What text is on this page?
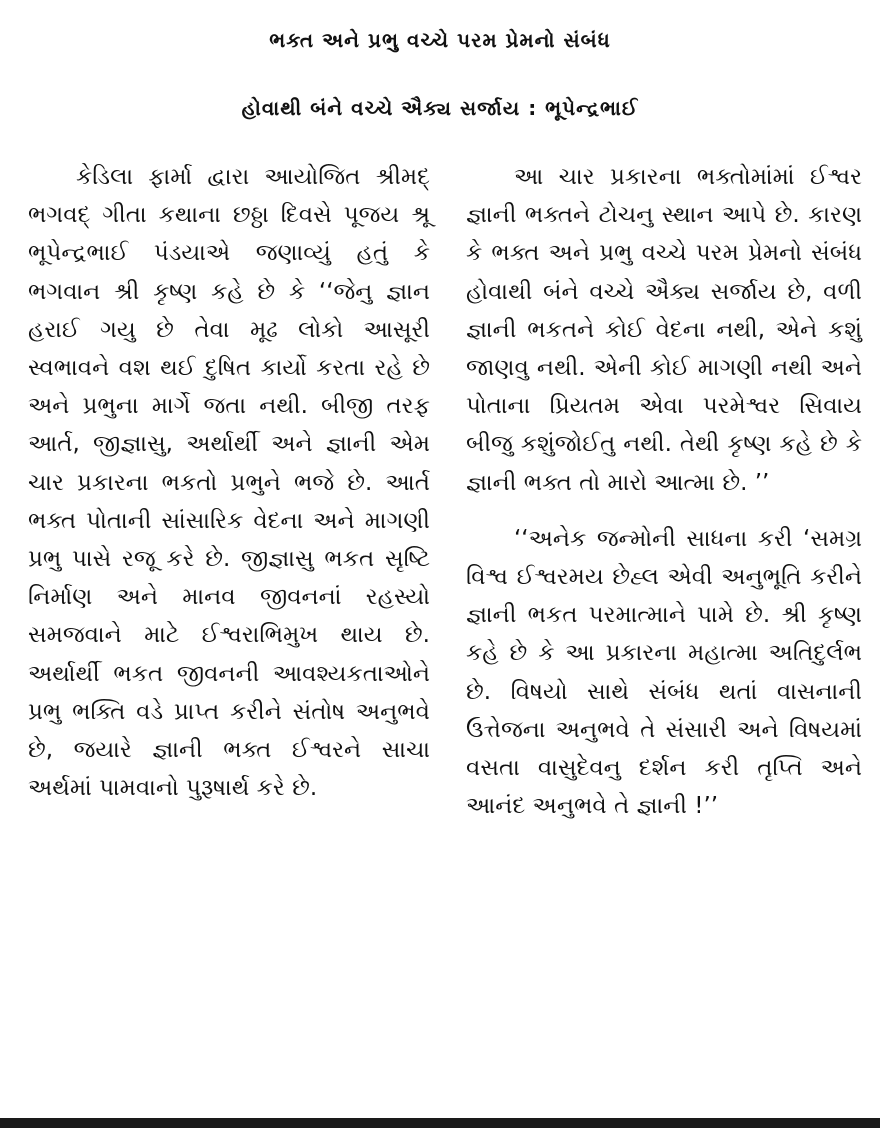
ભક્ત અને પ્રભુ વચ્ચે પરમ પ્રેમનો સંબંધ
હોવાથી બંને વચ્ચે ઐક્ય સર્જાય : ભૂપેન્દ્રભાઈ

કેડિલા ફાર્મા દ્વારા આયોજિત શ્રીમદ્ ભગવદ્ ગીતા કથાના છઠ્ઠા દિવસે પૂજય શ્રૂ ભૂપેન્દ્રભાઈ પંડયાએ જણાવ્યું હતું કે ભગવાન શ્રી કૃષ્ણ કહે છે કે ‘‘જેનુ જ્ઞાન હરાઈ ગયુ છે તેવા મૂઢ લોકો આસૂરી સ્વભાવને વશ થઈ દુષિત કાર્યો કરતા રહે છે અને પ્રભુના માર્ગે જતા નથી. બીજી તરફ આર્ત, જીજ્ઞાસુ, અર્થાર્થી અને જ્ઞાની એમ ચાર પ્રકારના ભકતો પ્રભુને ભજે છે. આર્ત ભક્ત પોતાની સાંસારિક વેદના અને માગણી પ્રભુ પાસે રજૂ કરે છે. જીજ્ઞાસુ ભકત સૃષ્ટિ નિર્માણ અને માનવ જીવનનાં રહસ્યો સમજવાને માટે ઈશ્વરાભિમુખ થાય છે. અર્થાર્થી ભકત જીવનની આવશ્યકતાઓને પ્રભુ ભક્તિ વડે પ્રાપ્ત કરીને સંતોષ અનુભવે છે, જયારે જ્ઞાની ભક્ત ઈશ્વરને સાચા અર્થમાં પામવાનો પુરૂષાર્થ કરે છે.

આ ચાર પ્રકારના ભક્તોમાંમાં ઈશ્વર જ્ઞાની ભક્તને ટોચનુ સ્થાન આપે છે. કારણ કે ભક્ત અને પ્રભુ વચ્ચે પરમ પ્રેમનો સંબંધ હોવાથી બંને વચ્ચે ઐક્ય સર્જાય છે, વળી જ્ઞાની ભકતને કોઈ વેદના નથી, એને કશું જાણવુ નથી. એની કોઈ માગણી નથી અને પોતાના પ્રિયતમ એવા પરમેશ્વર સિવાય બીજુ કશુંજોઈતુ નથી. તેથી કૃષ્ણ કહે છે કે જ્ઞાની ભક્ત તો મારો આત્મા છે. ’’

‘‘અનેક જન્મોની સાધના કરી ‘સમગ્ર વિશ્વ ઈશ્વરમય છેહ્લ એવી અનુભૂતિ કરીને જ્ઞાની ભકત પરમાત્માને પામે છે. શ્રી કૃષ્ણ કહે છે કે આ પ્રકારના મહાત્મા અતિદુર્લભ છે. વિષયો સાથે સંબંધ થતાં વાસનાની ઉત્તેજના અનુભવે તે સંસારી અને વિષયમાં વસતા વાસુદેવનુ દર્શન કરી તૃપ્તિ અને આનંદ અનુભવે તે જ્ઞાની !’’
